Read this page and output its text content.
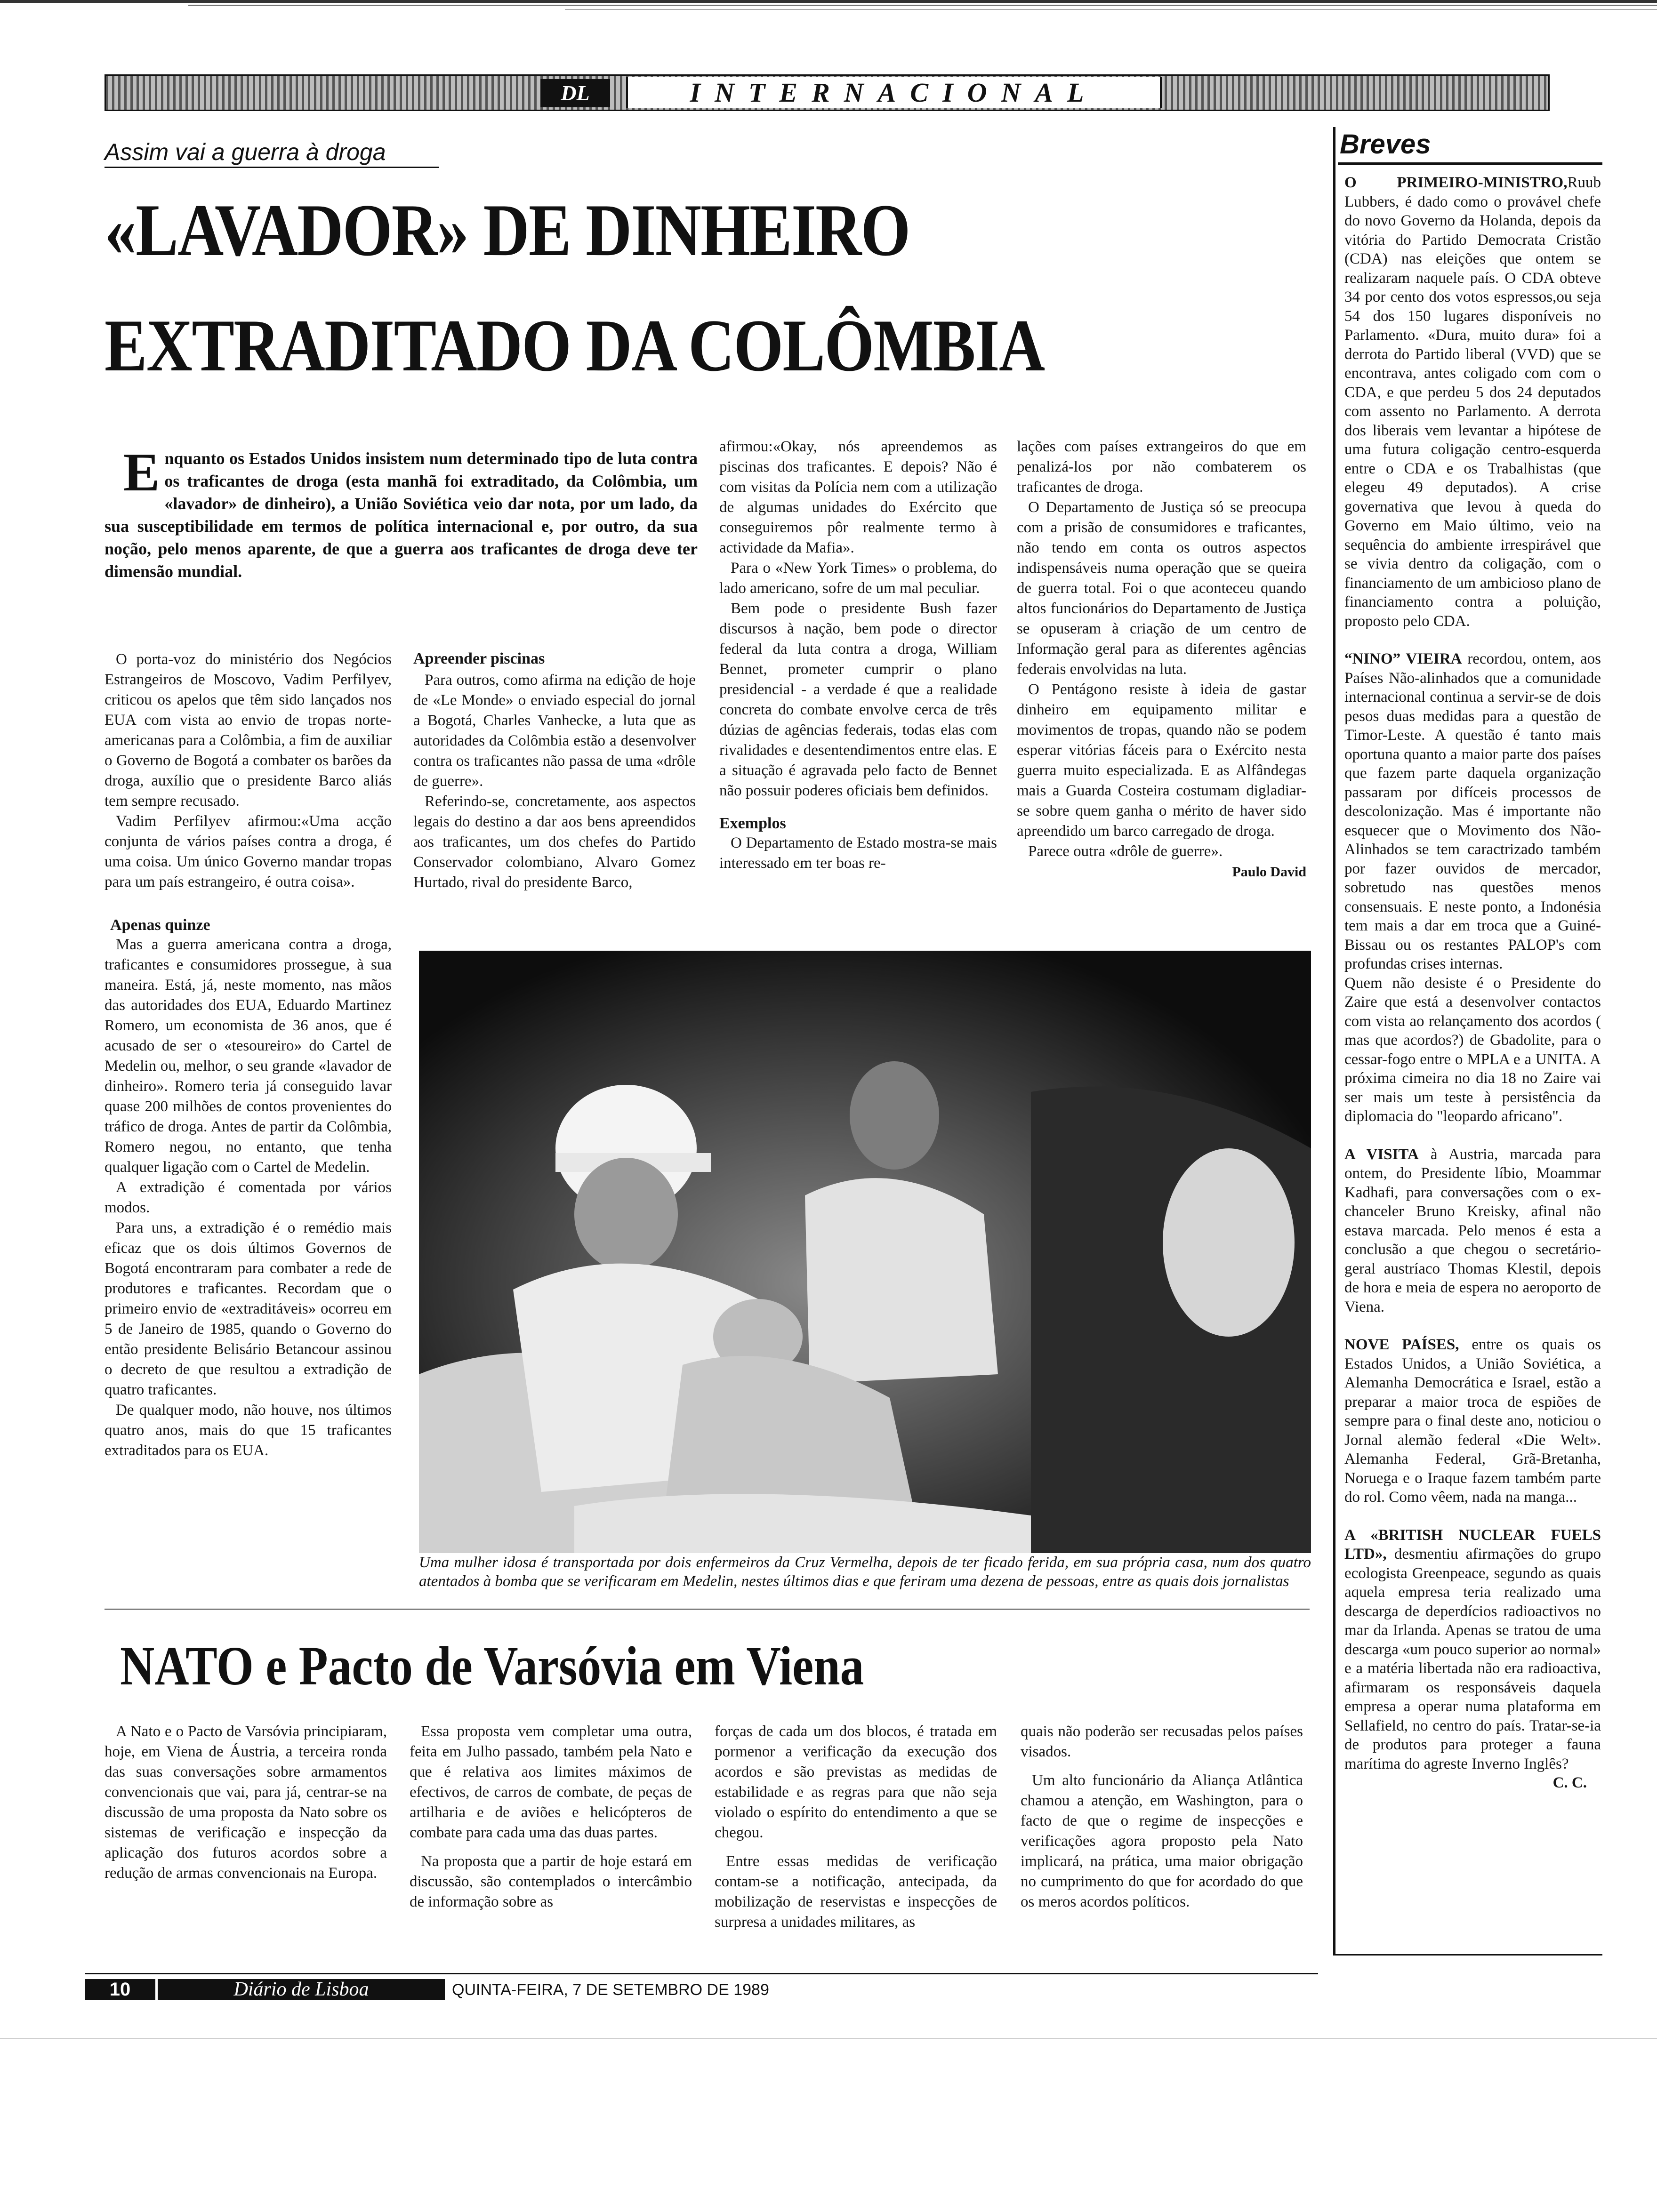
DL	INTERNACIONAL
Assim vai a guerra à droga
«LAVADOR» DE DINHEIRO
EXTRADITADO DA COLÔMBIA
E nquanto os Estados Unidos insistem num determinado tipo de luta contra os traficantes de droga (esta manhã foi extraditado, da Colômbia, um «lavador» de dinheiro), a União Soviética veio dar nota, por um lado, da sua susceptibilidade em termos de política internacional e, por outro, da sua noção, pelo menos aparente, de que a guerra aos traficantes de droga deve ter dimensão mundial.

O porta-voz do ministério dos Negócios Estrangeiros de Moscovo, Vadim Perfilyev, criticou os apelos que têm sido lançados nos EUA com vista ao envio de tropas norte-americanas para a Colômbia, a fim de auxiliar o Governo de Bogotá a combater os barões da droga, auxílio que o presidente Barco aliás tem sempre recusado.

Vadim Perfilyev afirmou:«Uma acção conjunta de vários países contra a droga, é uma coisa. Um único Governo mandar tropas para um país estrangeiro, é outra coisa».

Apenas quinze

Mas a guerra americana contra a droga, traficantes e consumidores prossegue, à sua maneira. Está, já, neste momento, nas mãos das autoridades dos EUA, Eduardo Martinez Romero, um economista de 36 anos, que é acusado de ser o «tesoureiro» do Cartel de Medelin ou, melhor, o seu grande «lavador de dinheiro». Romero teria já conseguido lavar quase 200 milhões de contos provenientes do tráfico de droga. Antes de partir da Colômbia, Romero negou, no entanto, que tenha qualquer ligação com o Cartel de Medelin.

A extradição é comentada por vários modos.

Para uns, a extradição é o remédio mais eficaz que os dois últimos Governos de Bogotá encontraram para combater a rede de produtores e traficantes. Recordam que o primeiro envio de «extraditáveis» ocorreu em 5 de Janeiro de 1985, quando o Governo do então presidente Belisário Betancour assinou o decreto de que resultou a extradição de quatro traficantes.

De qualquer modo, não houve, nos últimos quatro anos, mais do que 15 traficantes extraditados para os EUA.

Apreender piscinas

Para outros, como afirma na edição de hoje de «Le Monde» o enviado especial do jornal a Bogotá, Charles Vanhecke, a luta que as autoridades da Colômbia estão a desenvolver contra os traficantes não passa de uma «drôle de guerre».

Referindo-se, concretamente, aos aspectos legais do destino a dar aos bens apreendidos aos traficantes, um dos chefes do Partido Conservador colombiano, Alvaro Gomez Hurtado, rival do presidente Barco,

afirmou:«Okay, nós apreendemos as piscinas dos traficantes. E depois? Não é com visitas da Polícia nem com a utilização de algumas unidades do Exército que conseguiremos pôr realmente termo à actividade da Mafia».

Para o «New York Times» o problema, do lado americano, sofre de um mal peculiar.

Bem pode o presidente Bush fazer discursos à nação, bem pode o director federal da luta contra a droga, William Bennet, prometer cumprir o plano presidencial - a verdade é que a realidade concreta do combate envolve cerca de três dúzias de agências federais, todas elas com rivalidades e desentendimentos entre elas. E a situação é agravada pelo facto de Bennet não possuir poderes oficiais bem definidos.

Exemplos

O Departamento de Estado mostra-se mais interessado em ter boas re-

lações com países extrangeiros do que em penalizá-los por não combaterem os traficantes de droga.

O Departamento de Justiça só se preocupa com a prisão de consumidores e traficantes, não tendo em conta os outros aspectos indispensáveis numa operação que se queira de guerra total. Foi o que aconteceu quando altos funcionários do Departamento de Justiça se opuseram à criação de um centro de Informação geral para as diferentes agências federais envolvidas na luta.

O Pentágono resiste à ideia de gastar dinheiro em equipamento militar e movimentos de tropas, quando não se podem esperar vitórias fáceis para o Exército nesta guerra muito especializada. E as Alfândegas mais a Guarda Costeira costumam digladiar-se sobre quem ganha o mérito de haver sido apreendido um barco carregado de droga.

Parece outra «drôle de guerre».

Paulo David
Uma mulher idosa é transportada por dois enfermeiros da Cruz Vermelha, depois de ter ficado ferida, em sua própria casa, num dos quatro atentados à bomba que se verificaram em Medelin, nestes últimos dias e que feriram uma dezena de pessoas, entre as quais dois jornalistas
NATO e Pacto de Varsóvia em Viena

A Nato e o Pacto de Varsóvia principiaram, hoje, em Viena de Áustria, a terceira ronda das suas conversações sobre armamentos convencionais que vai, para já, centrar-se na discussão de uma proposta da Nato sobre os sistemas de verificação e inspecção da aplicação dos futuros acordos sobre a redução de armas convencionais na Europa.

Essa proposta vem completar uma outra, feita em Julho passado, também pela Nato e que é relativa aos limites máximos de efectivos, de carros de combate, de peças de artilharia e de aviões e helicópteros de combate para cada uma das duas partes.

Na proposta que a partir de hoje estará em discussão, são contemplados o intercâmbio de informação sobre as

forças de cada um dos blocos, é tratada em pormenor a verificação da execução dos acordos e são previstas as medidas de estabilidade e as regras para que não seja violado o espírito do entendimento a que se chegou.

Entre essas medidas de verificação contam-se a notificação, antecipada, da mobilização de reservistas e inspecções de surpresa a unidades militares, as

quais não poderão ser recusadas pelos países visados.

Um alto funcionário da Aliança Atlântica chamou a atenção, em Washington, para o facto de que o regime de inspecções e verificações agora proposto pela Nato implicará, na prática, uma maior obrigação no cumprimento do que for acordado do que os meros acordos políticos.

Breves

O PRIMEIRO-MINISTRO,Ruub Lubbers, é dado como o provável chefe do novo Governo da Holanda, depois da vitória do Partido Democrata Cristão (CDA) nas eleições que ontem se realizaram naquele país. O CDA obteve 34 por cento dos votos espressos,ou seja 54 dos 150 lugares disponíveis no Parlamento. «Dura, muito dura» foi a derrota do Partido liberal (VVD) que se encontrava, antes coligado com com o CDA, e que perdeu 5 dos 24 deputados com assento no Parlamento. A derrota dos liberais vem levantar a hipótese de uma futura coligação centro-esquerda entre o CDA e os Trabalhistas (que elegeu 49 deputados). A crise governativa que levou à queda do Governo em Maio último, veio na sequência do ambiente irrespirável que se vivia dentro da coligação, com o financiamento de um ambicioso plano de financiamento contra a poluição, proposto pelo CDA.

“NINO” VIEIRA recordou, ontem, aos Países Não-alinhados que a comunidade internacional continua a servir-se de dois pesos duas medidas para a questão de Timor-Leste. A questão é tanto mais oportuna quanto a maior parte dos países que fazem parte daquela organização passaram por difíceis processos de descolonização. Mas é importante não esquecer que o Movimento dos Não-Alinhados se tem caractrizado também por fazer ouvidos de mercador, sobretudo nas questões menos consensuais. E neste ponto, a Indonésia tem mais a dar em troca que a Guiné-Bissau ou os restantes PALOP's com profundas crises internas.

Quem não desiste é o Presidente do Zaire que está a desenvolver contactos com vista ao relançamento dos acordos ( mas que acordos?) de Gbadolite, para o cessar-fogo entre o MPLA e a UNITA. A próxima cimeira no dia 18 no Zaire vai ser mais um teste à persistência da diplomacia do "leopardo africano".

A VISITA à Austria, marcada para ontem, do Presidente líbio, Moammar Kadhafi, para conversações com o ex-chanceler Bruno Kreisky, afinal não estava marcada. Pelo menos é esta a conclusão a que chegou o secretário-geral austríaco Thomas Klestil, depois de hora e meia de espera no aeroporto de Viena.

NOVE PAÍSES, entre os quais os Estados Unidos, a União Soviética, a Alemanha Democrática e Israel, estão a preparar a maior troca de espiões de sempre para o final deste ano, noticiou o Jornal alemão federal «Die Welt». Alemanha Federal, Grã-Bretanha, Noruega e o Iraque fazem também parte do rol. Como vêem, nada na manga...

A «BRITISH NUCLEAR FUELS LTD», desmentiu afirmações do grupo ecologista Greenpeace, segundo as quais aquela empresa teria realizado uma descarga de deperdícios radioactivos no mar da Irlanda. Apenas se tratou de uma descarga «um pouco superior ao normal» e a matéria libertada não era radioactiva, afirmaram os responsáveis daquela empresa a operar numa plataforma em Sellafield, no centro do país. Tratar-se-ia de produtos para proteger a fauna marítima do agreste Inverno Inglês?

C. C.
10	Diário de Lisboa	QUINTA-FEIRA, 7 DE SETEMBRO DE 1989
